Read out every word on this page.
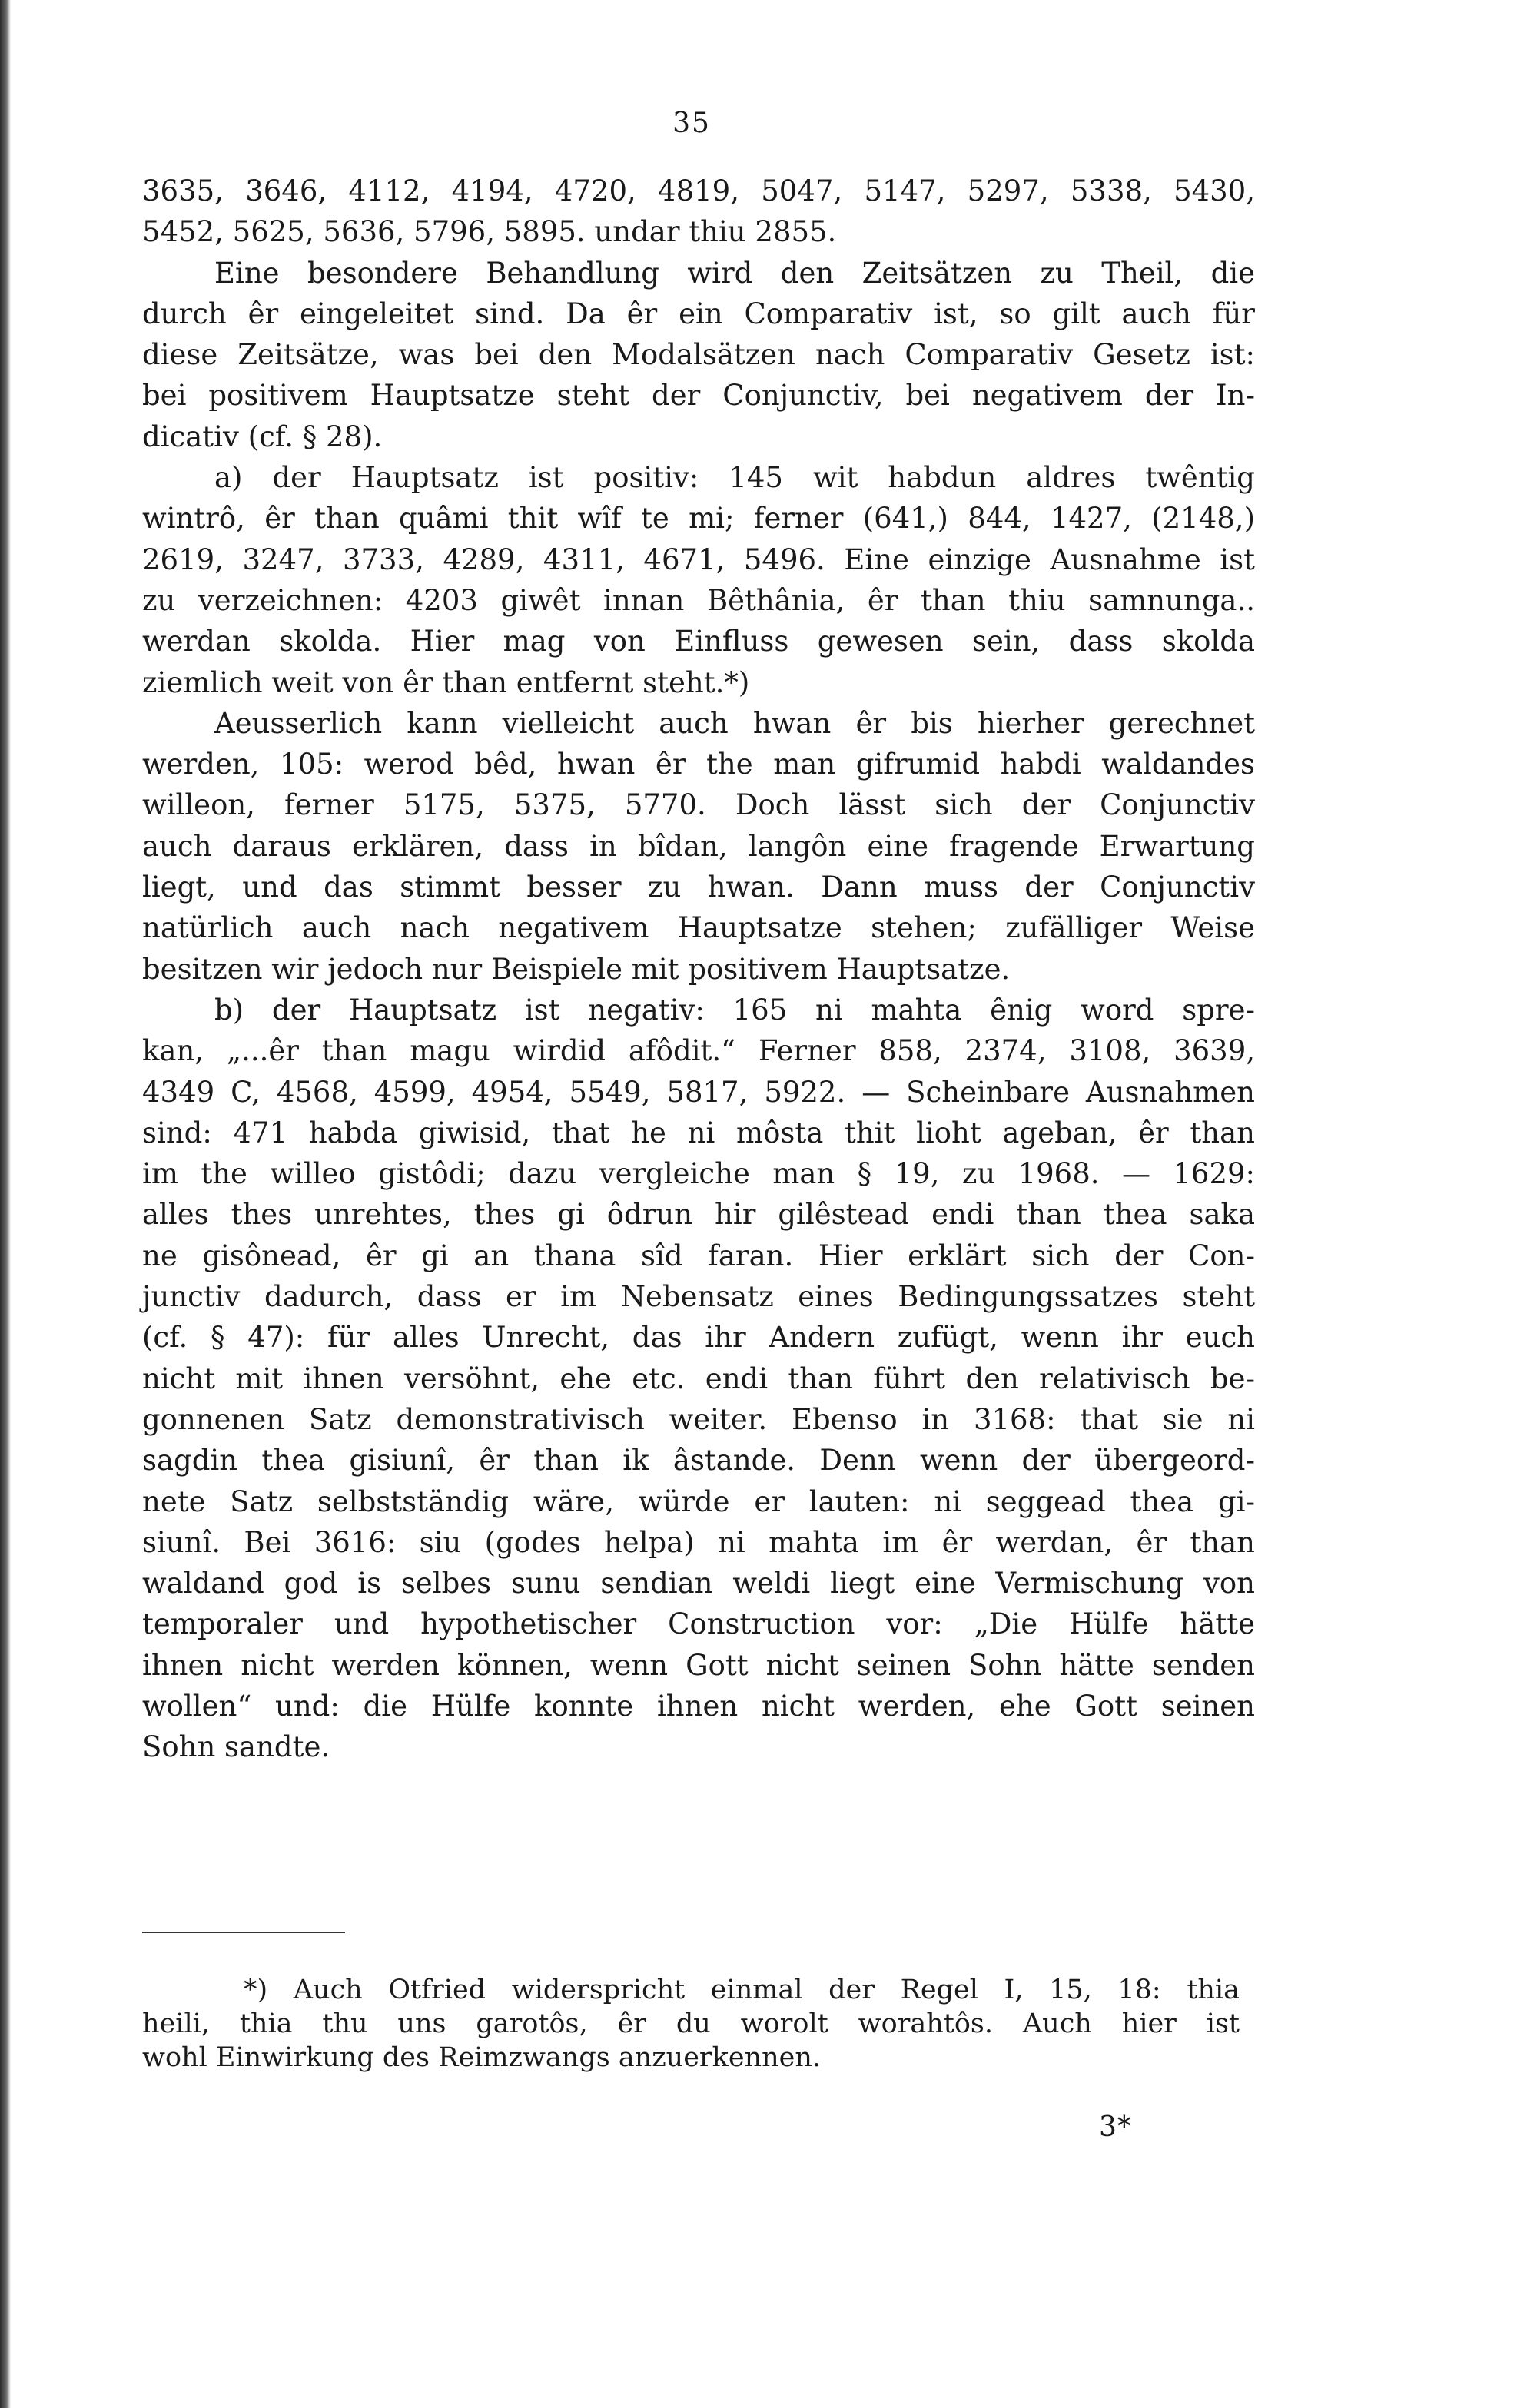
35
3635, 3646, 4112, 4194, 4720, 4819, 5047, 5147, 5297, 5338, 5430,
5452, 5625, 5636, 5796, 5895. undar thiu 2855.
Eine besondere Behandlung wird den Zeitsätzen zu Theil, die
durch êr eingeleitet sind. Da êr ein Comparativ ist, so gilt auch für
diese Zeitsätze, was bei den Modalsätzen nach Comparativ Gesetz ist:
bei positivem Hauptsatze steht der Conjunctiv, bei negativem der In-
dicativ (cf. § 28).
a) der Hauptsatz ist positiv: 145 wit habdun aldres twêntig
wintrô, êr than quâmi thit wîf te mi; ferner (641,) 844, 1427, (2148,)
2619, 3247, 3733, 4289, 4311, 4671, 5496. Eine einzige Ausnahme ist
zu verzeichnen: 4203 giwêt innan Bêthânia, êr than thiu samnunga..
werdan skolda. Hier mag von Einfluss gewesen sein, dass skolda
ziemlich weit von êr than entfernt steht.*)
Aeusserlich kann vielleicht auch hwan êr bis hierher gerechnet
werden, 105: werod bêd, hwan êr the man gifrumid habdi waldandes
willeon, ferner 5175, 5375, 5770. Doch lässt sich der Conjunctiv
auch daraus erklären, dass in bîdan, langôn eine fragende Erwartung
liegt, und das stimmt besser zu hwan. Dann muss der Conjunctiv
natürlich auch nach negativem Hauptsatze stehen; zufälliger Weise
besitzen wir jedoch nur Beispiele mit positivem Hauptsatze.
b) der Hauptsatz ist negativ: 165 ni mahta ênig word spre-
kan, „...êr than magu wirdid afôdit.“ Ferner 858, 2374, 3108, 3639,
4349 C, 4568, 4599, 4954, 5549, 5817, 5922. — Scheinbare Ausnahmen
sind: 471 habda giwisid, that he ni môsta thit lioht ageban, êr than
im the willeo gistôdi; dazu vergleiche man § 19, zu 1968. — 1629:
alles thes unrehtes, thes gi ôdrun hir gilêstead endi than thea saka
ne gisônead, êr gi an thana sîd faran. Hier erklärt sich der Con-
junctiv dadurch, dass er im Nebensatz eines Bedingungssatzes steht
(cf. § 47): für alles Unrecht, das ihr Andern zufügt, wenn ihr euch
nicht mit ihnen versöhnt, ehe etc. endi than führt den relativisch be-
gonnenen Satz demonstrativisch weiter. Ebenso in 3168: that sie ni
sagdin thea gisiunî, êr than ik âstande. Denn wenn der übergeord-
nete Satz selbstständig wäre, würde er lauten: ni seggead thea gi-
siunî. Bei 3616: siu (godes helpa) ni mahta im êr werdan, êr than
waldand god is selbes sunu sendian weldi liegt eine Vermischung von
temporaler und hypothetischer Construction vor: „Die Hülfe hätte
ihnen nicht werden können, wenn Gott nicht seinen Sohn hätte senden
wollen“ und: die Hülfe konnte ihnen nicht werden, ehe Gott seinen
Sohn sandte.
*) Auch Otfried widerspricht einmal der Regel I, 15, 18: thia
heili, thia thu uns garotôs, êr du worolt worahtôs. Auch hier ist
wohl Einwirkung des Reimzwangs anzuerkennen.
3*
